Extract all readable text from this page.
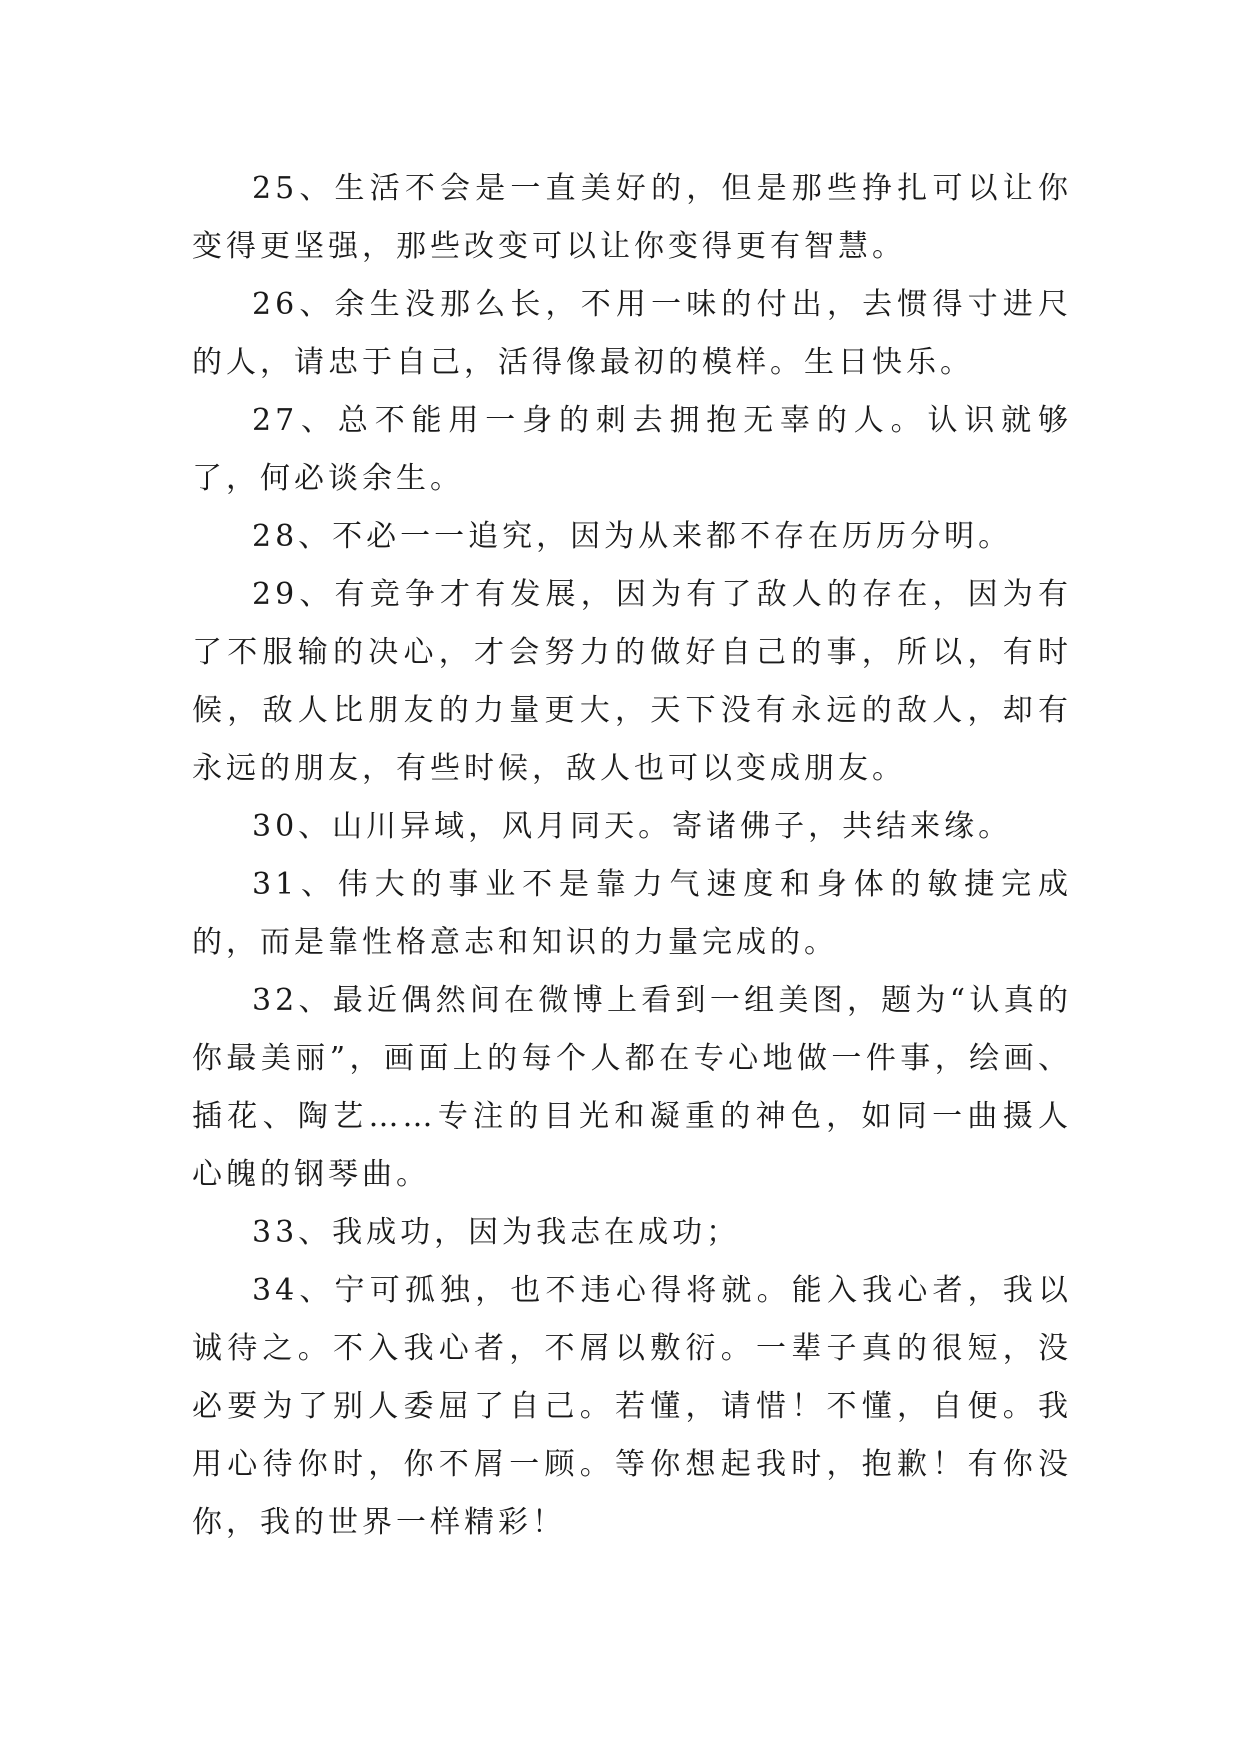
25、生活不会是一直美好的，但是那些挣扎可以让你变得更坚强，那些改变可以让你变得更有智慧。

26、余生没那么长，不用一味的付出，去惯得寸进尺的人，请忠于自己，活得像最初的模样。生日快乐。

27、总不能用一身的刺去拥抱无辜的人。认识就够了，何必谈余生。

28、不必一一追究，因为从来都不存在历历分明。

29、有竞争才有发展，因为有了敌人的存在，因为有了不服输的决心，才会努力的做好自己的事，所以，有时候，敌人比朋友的力量更大，天下没有永远的敌人，却有永远的朋友，有些时候，敌人也可以变成朋友。

30、山川异域，风月同天。寄诸佛子，共结来缘。

31、伟大的事业不是靠力气速度和身体的敏捷完成的，而是靠性格意志和知识的力量完成的。

32、最近偶然间在微博上看到一组美图，题为“认真的你最美丽”，画面上的每个人都在专心地做一件事，绘画、插花、陶艺……专注的目光和凝重的神色，如同一曲摄人心魄的钢琴曲。

33、我成功，因为我志在成功；

34、宁可孤独，也不违心得将就。能入我心者，我以诚待之。不入我心者，不屑以敷衍。一辈子真的很短，没必要为了别人委屈了自己。若懂，请惜！不懂，自便。我用心待你时，你不屑一顾。等你想起我时，抱歉！有你没你，我的世界一样精彩！
